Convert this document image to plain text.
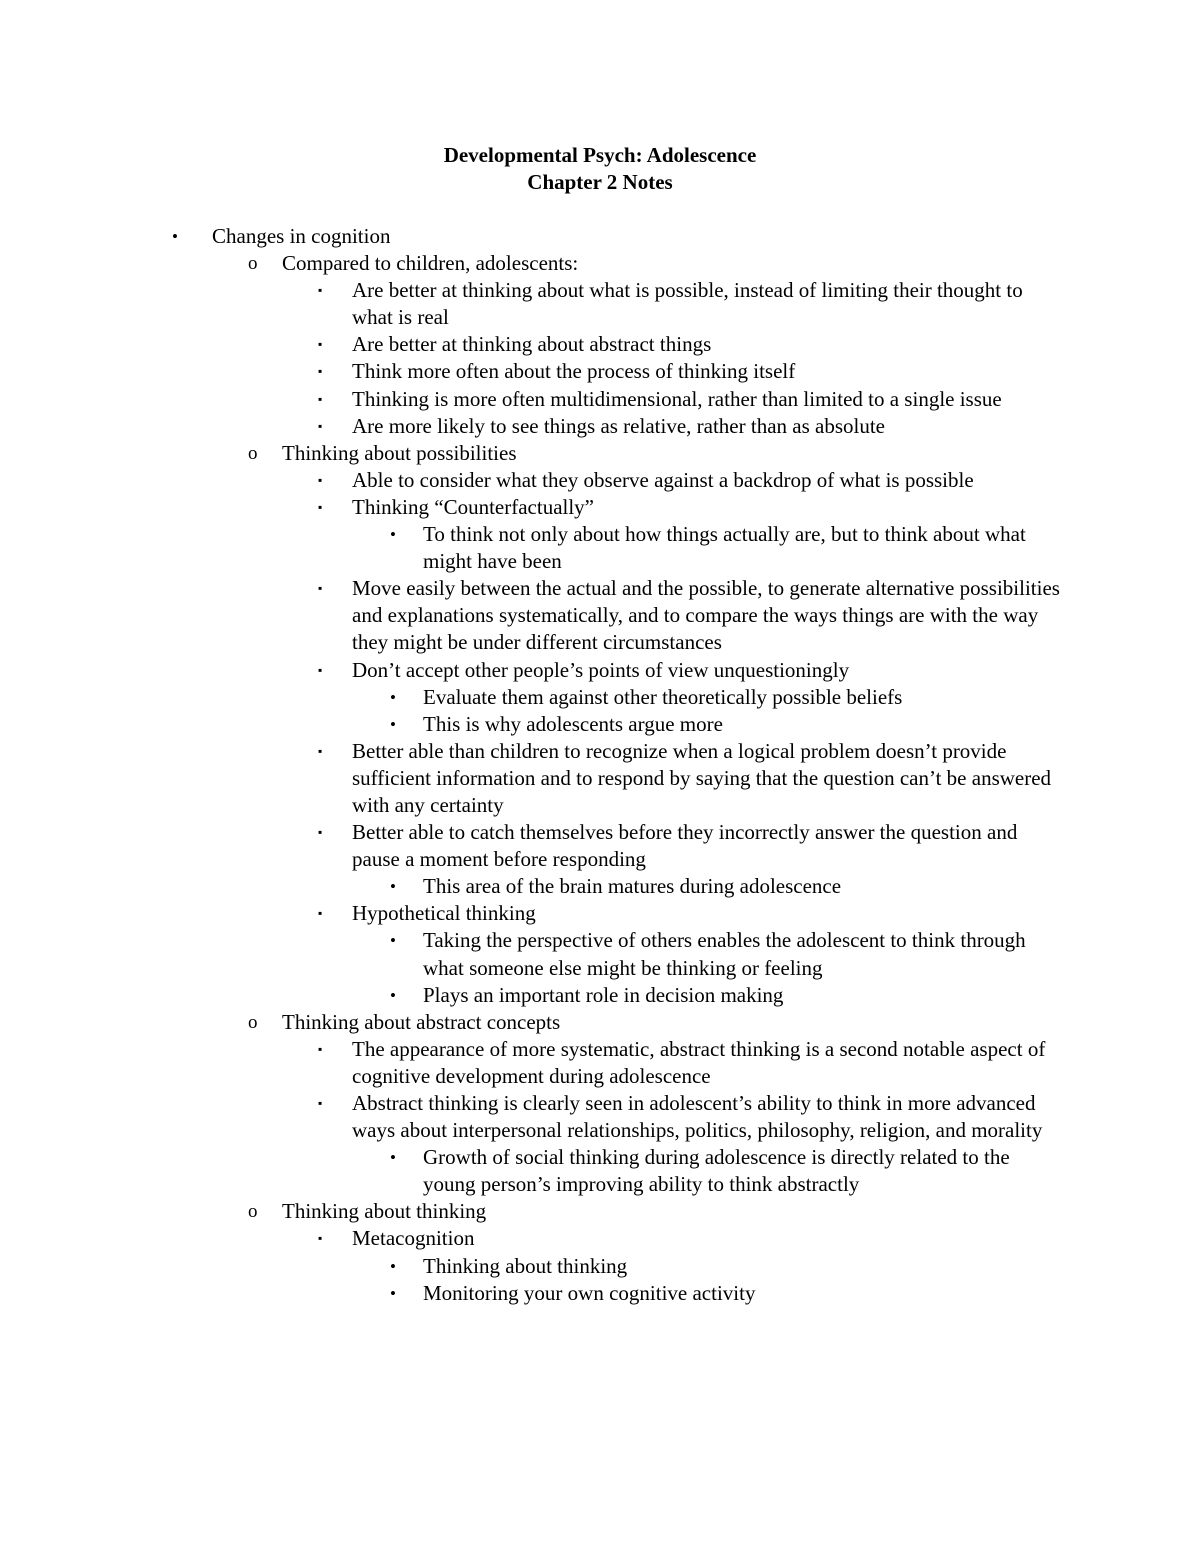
Developmental Psych: Adolescence
Chapter 2 Notes
• Changes in cognition
o Compared to children, adolescents:
▪ Are better at thinking about what is possible, instead of limiting their thought to what is real
▪ Are better at thinking about abstract things
▪ Think more often about the process of thinking itself
▪ Thinking is more often multidimensional, rather than limited to a single issue
▪ Are more likely to see things as relative, rather than as absolute
o Thinking about possibilities
▪ Able to consider what they observe against a backdrop of what is possible
▪ Thinking “Counterfactually”
• To think not only about how things actually are, but to think about what might have been
▪ Move easily between the actual and the possible, to generate alternative possibilities and explanations systematically, and to compare the ways things are with the way they might be under different circumstances
▪ Don’t accept other people’s points of view unquestioningly
• Evaluate them against other theoretically possible beliefs
• This is why adolescents argue more
▪ Better able than children to recognize when a logical problem doesn’t provide sufficient information and to respond by saying that the question can’t be answered with any certainty
▪ Better able to catch themselves before they incorrectly answer the question and pause a moment before responding
• This area of the brain matures during adolescence
▪ Hypothetical thinking
• Taking the perspective of others enables the adolescent to think through what someone else might be thinking or feeling
• Plays an important role in decision making
o Thinking about abstract concepts
▪ The appearance of more systematic, abstract thinking is a second notable aspect of cognitive development during adolescence
▪ Abstract thinking is clearly seen in adolescent’s ability to think in more advanced ways about interpersonal relationships, politics, philosophy, religion, and morality
• Growth of social thinking during adolescence is directly related to the young person’s improving ability to think abstractly
o Thinking about thinking
▪ Metacognition
• Thinking about thinking
• Monitoring your own cognitive activity
